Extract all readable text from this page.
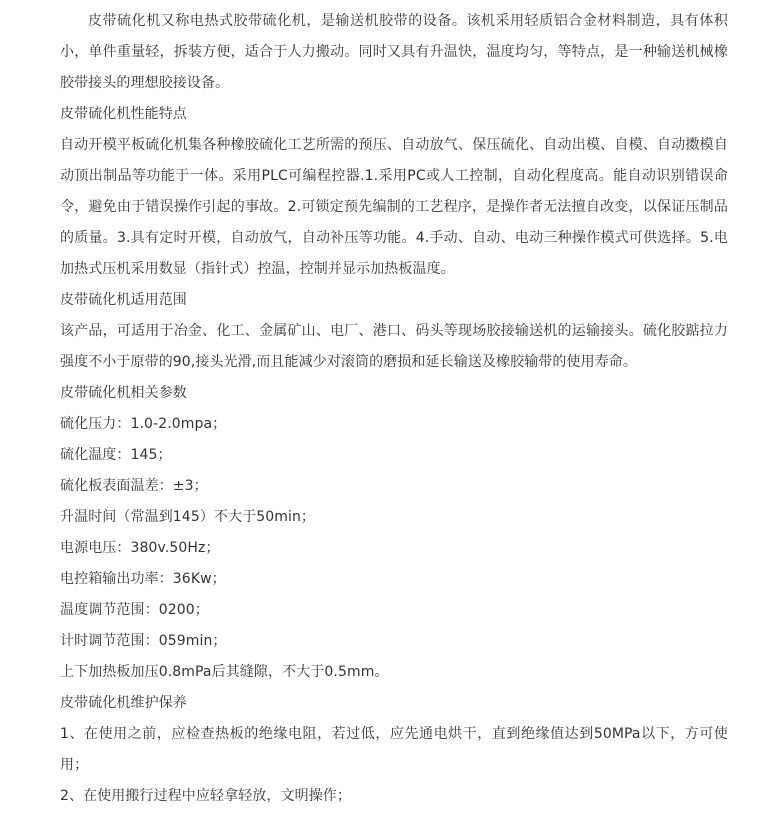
皮带硫化机又称电热式胶带硫化机，是输送机胶带的设备。该机采用轻质铝合金材料制造，具有体积小，单件重量轻，拆装方便，适合于人力搬动。同时又具有升温快，温度均匀，等特点，是一种输送机械橡胶带接头的理想胶接设备。

皮带硫化机性能特点

自动开模平板硫化机集各种橡胶硫化工艺所需的预压、自动放气、保压硫化、自动出模、自模、自动擞模自动顶出制品等功能于一体。采用PLC可编程控器.1.采用PC或人工控制，自动化程度高。能自动识别错误命令，避免由于错误操作引起的事故。2.可锁定预先编制的工艺程序，是操作者无法擅自改变，以保证压制品的质量。3.具有定时开模，自动放气，自动补压等功能。4.手动、自动、电动三种操作模式可供选择。5.电加热式压机采用数显（指针式）控温，控制并显示加热板温度。

皮带硫化机适用范围

该产品，可适用于冶金、化工、金属矿山、电厂、港口、码头等现场胶接输送机的运输接头。硫化胶踮拉力强度不小于原带的90,接头光滑,而且能减少对滚筒的磨损和延长输送及橡胶输带的使用寿命。

皮带硫化机相关参数

硫化压力：1.0-2.0mpa；

硫化温度：145；

硫化板表面温差：±3；

升温时间（常温到145）不大于50min；

电源电压：380v.50Hz；

电控箱输出功率：36Kw；

温度调节范围：0200；

计时调节范围：059min；

上下加热板加压0.8mPa后其缝隙，不大于0.5mm。

皮带硫化机维护保养

1、在使用之前，应检查热板的绝缘电阻，若过低，应先通电烘干，直到绝缘值达到50MPa以下，方可使用；

2、在使用搬行过程中应轻拿轻放，文明操作；
